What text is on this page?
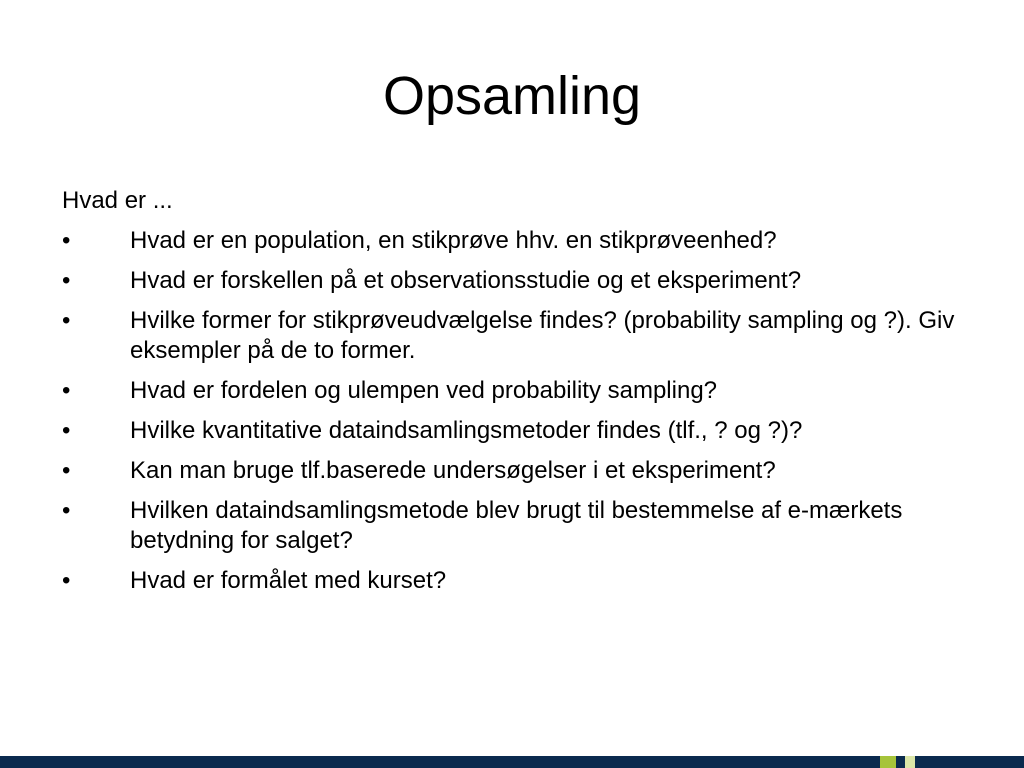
Opsamling

Hvad er ...

• Hvad er en population, en stikprøve hhv. en stikprøveenhed?
• Hvad er forskellen på et observationsstudie og et eksperiment?
• Hvilke former for stikprøveudvælgelse findes? (probability sampling og ?). Giv eksempler på de to former.
• Hvad er fordelen og ulempen ved probability sampling?
• Hvilke kvantitative dataindsamlingsmetoder findes (tlf., ? og ?)?
• Kan man bruge tlf.baserede undersøgelser i et eksperiment?
• Hvilken dataindsamlingsmetode blev brugt til bestemmelse af e-mærkets betydning for salget?
• Hvad er formålet med kurset?
